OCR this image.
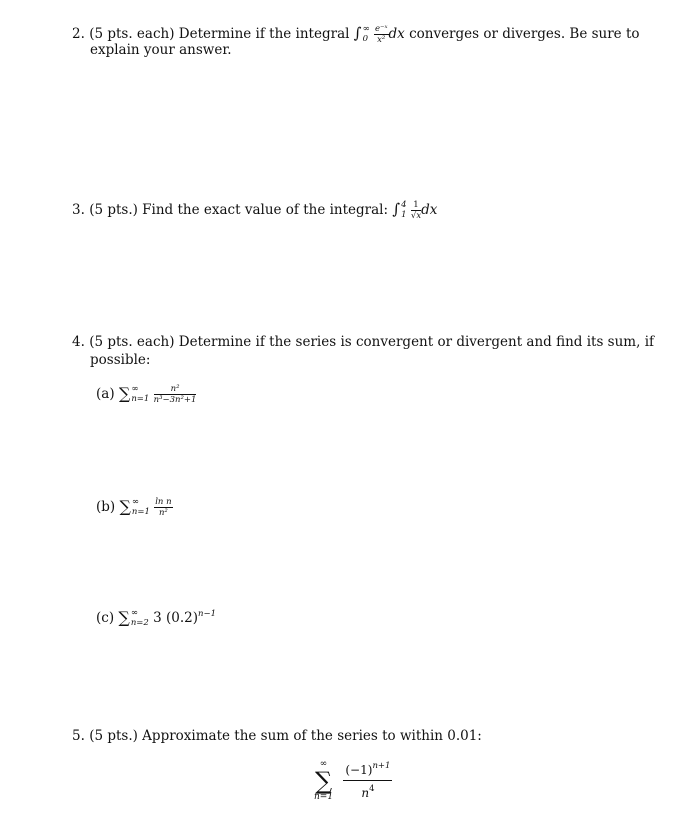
2. (5 pts. each) Determine if the integral ∫ ∞
0
$\frac{\text{e⁻ˣ}}{\text{x²}}$ dx converges or diverges. Be sure to
explain your answer.
3. (5 pts.) Find the exact value of the integral: ∫ 4
1
$\frac{1}{√x}$ dx
4. (5 pts. each) Determine if the series is convergent or divergent and find its sum, if
possible:
(a) ∑ ∞
n=1
$\frac{\text{n²}}{\text{n³−3n²+1}}$
(b) ∑ ∞
n=1
$\frac{\text{ln n}}{\text{n²}}$
(c) ∑ ∞
n=2 3 $(0.2)^{n-1}$
5. (5 pts.) Approximate the sum of the series to within 0.01:
∞
∑
n=1
$\frac{(-1)^{n+1}}{n^4}$
